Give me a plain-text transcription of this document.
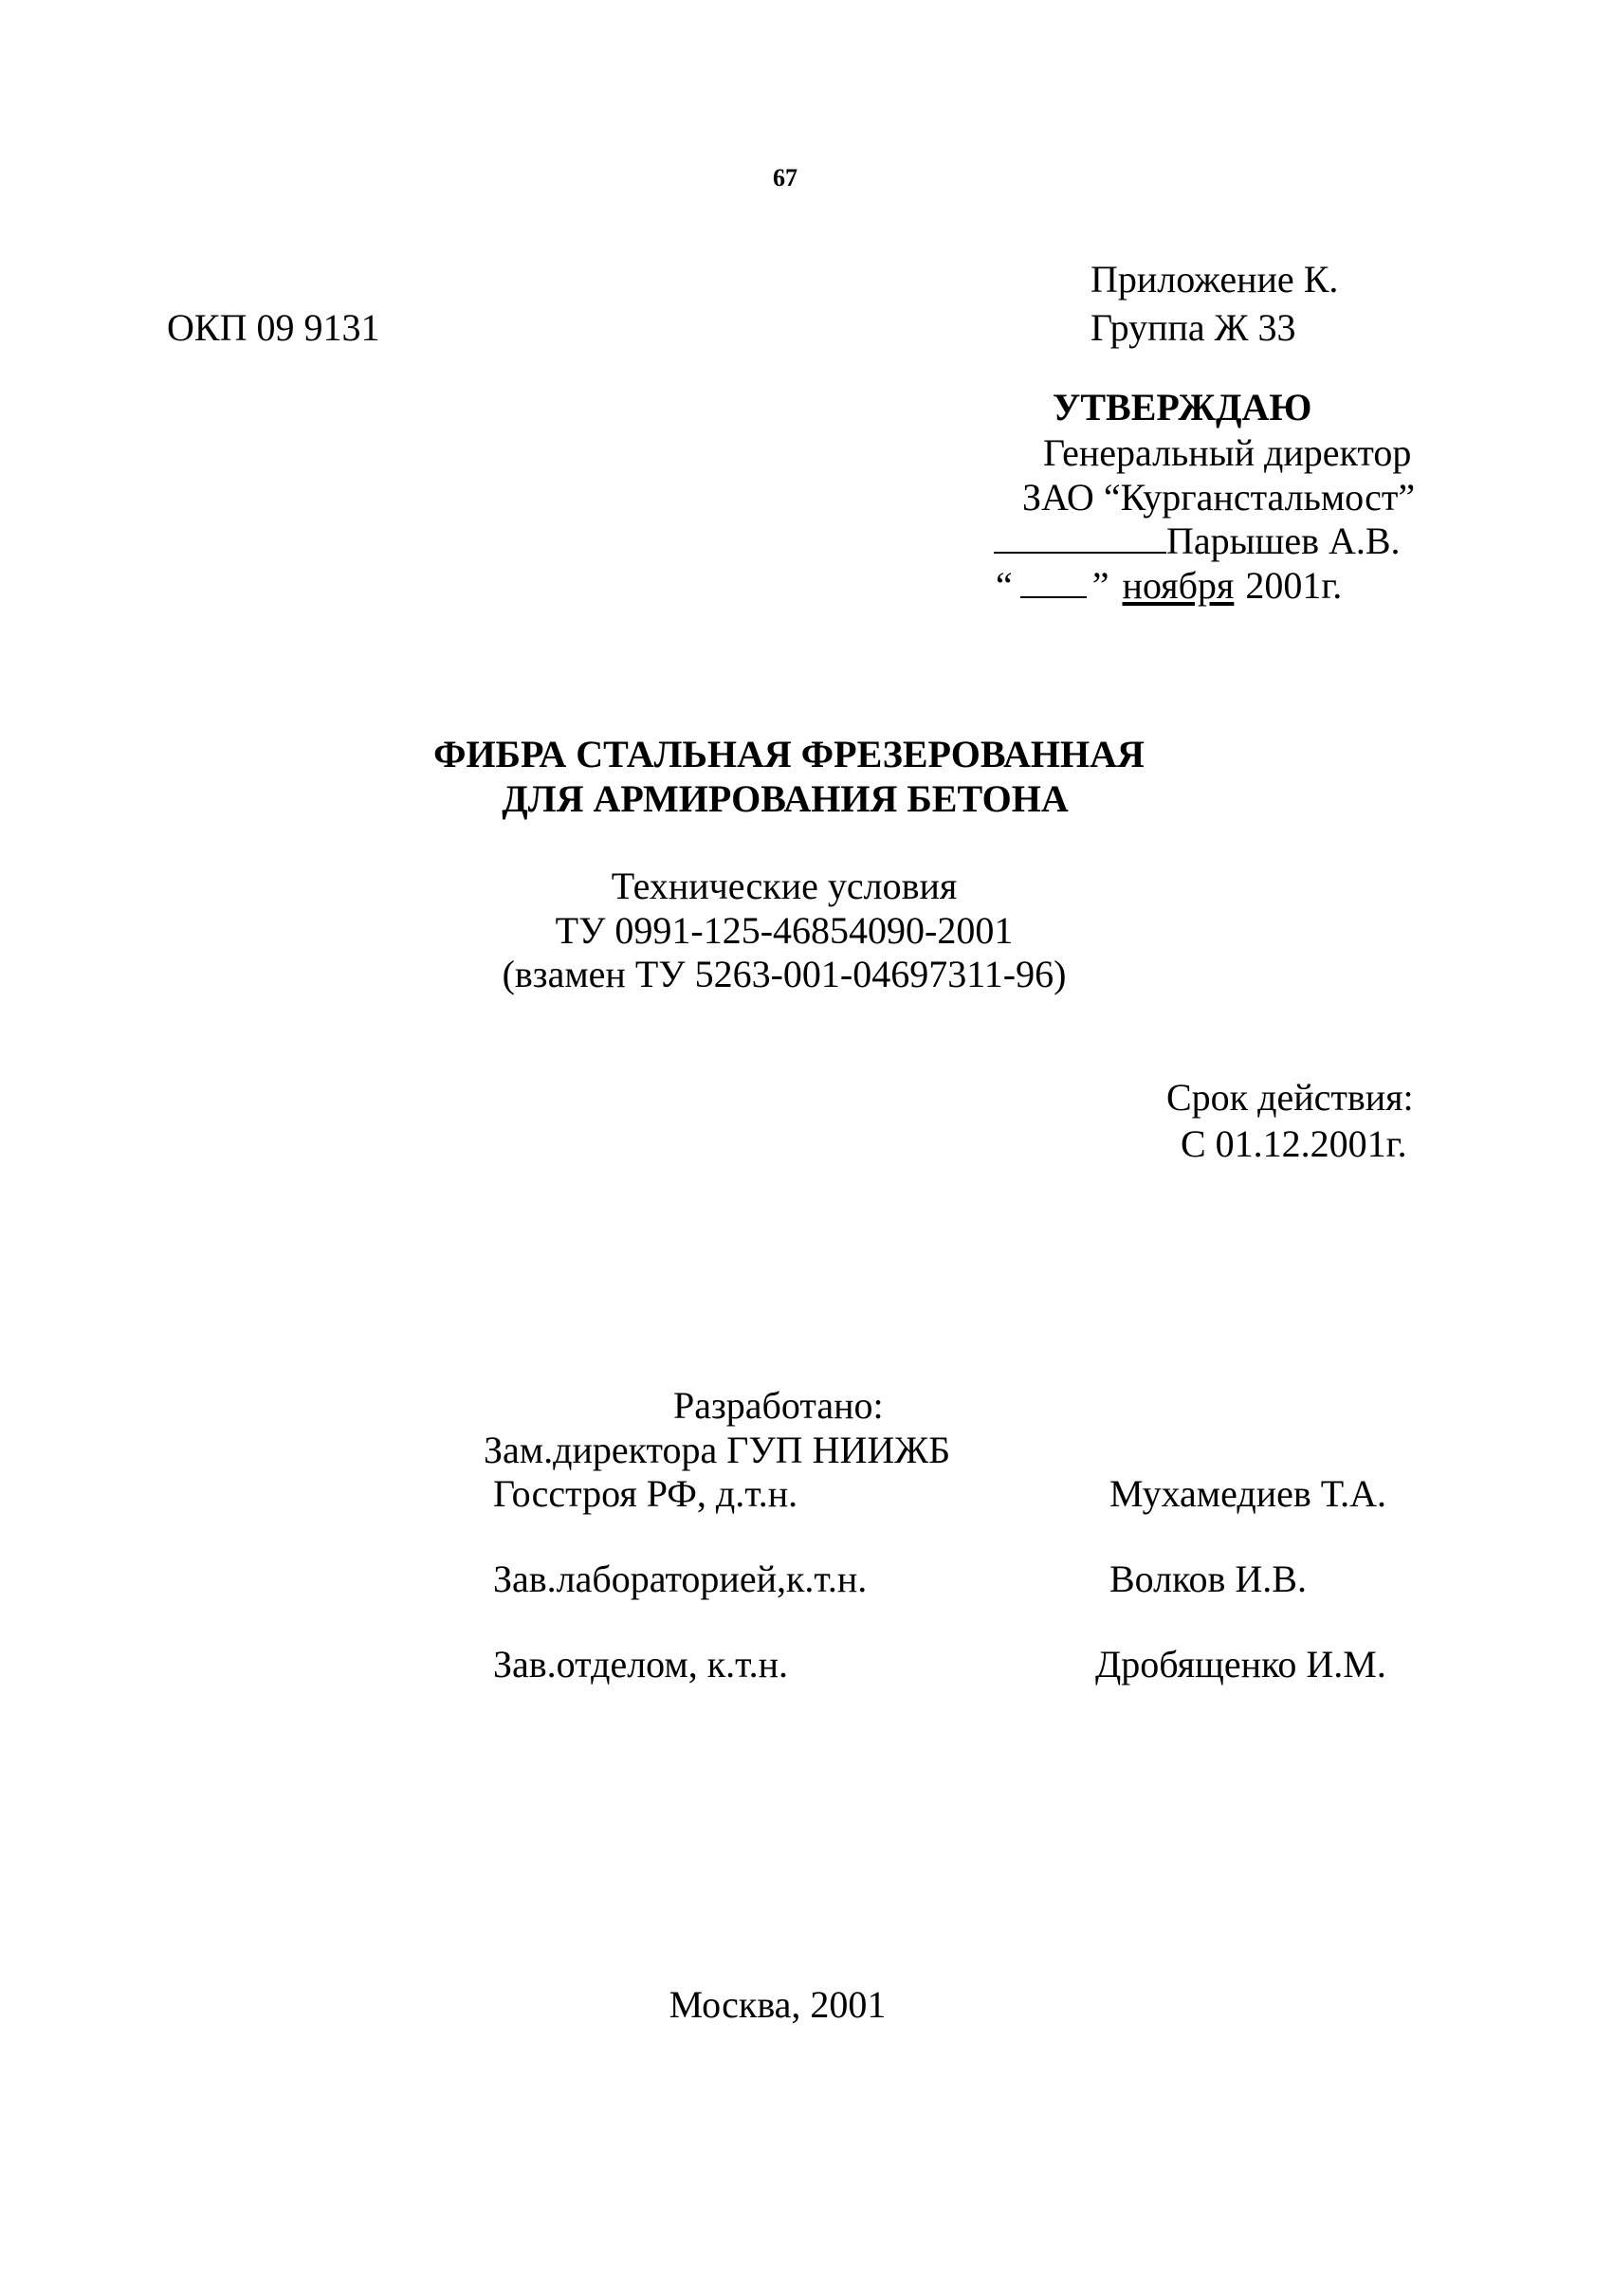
67
Приложение К.
ОКП 09 9131	Группа Ж 33
УТВЕРЖДАЮ
Генеральный директор
ЗАО “Курганстальмост”
Парышев А.В.
“ ” ноября 2001г.
ФИБРА СТАЛЬНАЯ ФРЕЗЕРОВАННАЯ
ДЛЯ АРМИРОВАНИЯ БЕТОНА
Технические условия
ТУ 0991-125-46854090-2001
(взамен ТУ 5263-001-04697311-96)
Срок действия:
С 01.12.2001г.
Разработано:
Зам.директора ГУП НИИЖБ
Госстроя РФ, д.т.н.	Мухамедиев Т.А.
Зав.лабораторией,к.т.н.	Волков И.В.
Зав.отделом, к.т.н.	Дробященко И.М.
Москва, 2001
